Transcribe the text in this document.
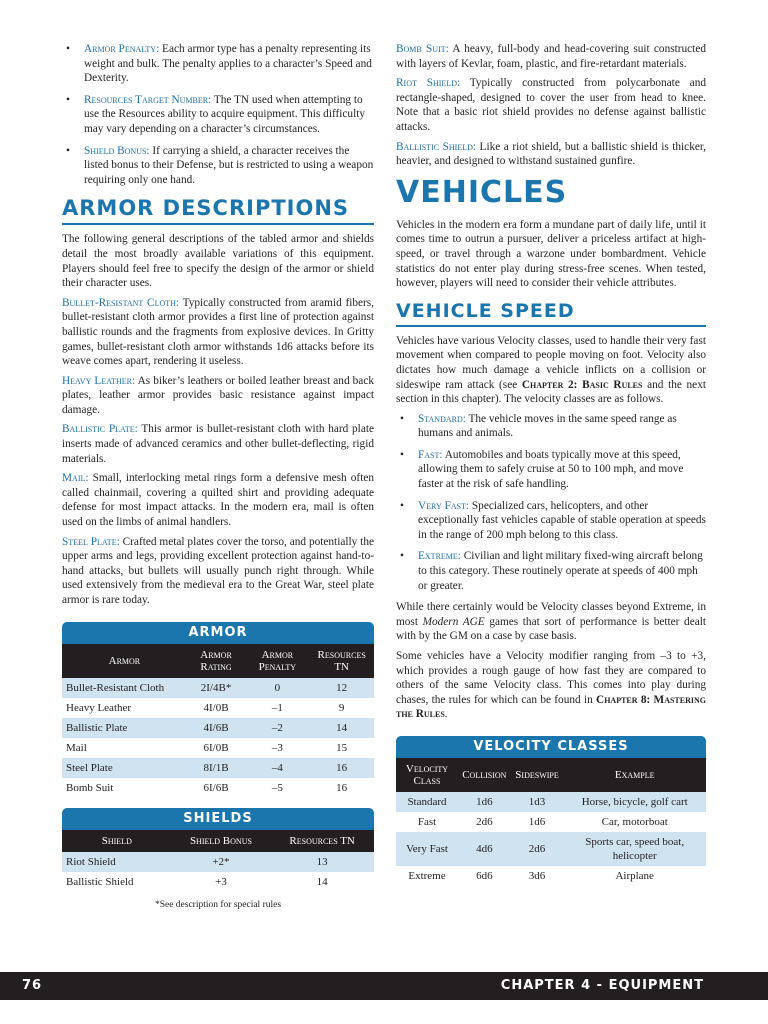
• Armor Penalty: Each armor type has a penalty representing its weight and bulk. The penalty applies to a character’s Speed and Dexterity.
• Resources Target Number: The TN used when attempting to use the Resources ability to acquire equipment. This difficulty may vary depending on a character’s circumstances.
• Shield Bonus: If carrying a shield, a character receives the listed bonus to their Defense, but is restricted to using a weapon requiring only one hand.
ARMOR DESCRIPTIONS

The following general descriptions of the tabled armor and shields detail the most broadly available variations of this equipment. Players should feel free to specify the design of the armor or shield their character uses.

Bullet-Resistant Cloth: Typically constructed from aramid fibers, bullet-resistant cloth armor provides a first line of protection against ballistic rounds and the fragments from explosive devices. In Gritty games, bullet-resistant cloth armor withstands 1d6 attacks before its weave comes apart, rendering it useless.

Heavy Leather: As biker’s leathers or boiled leather breast and back plates, leather armor provides basic resistance against impact damage.

Ballistic Plate: This armor is bullet-resistant cloth with hard plate inserts made of advanced ceramics and other bullet-deflecting, rigid materials.

Mail: Small, interlocking metal rings form a defensive mesh often called chainmail, covering a quilted shirt and providing adequate defense for most impact attacks. In the modern era, mail is often used on the limbs of animal handlers.

Steel Plate: Crafted metal plates cover the torso, and potentially the upper arms and legs, providing excellent protection against hand-to-hand attacks, but bullets will usually punch right through. While used extensively from the medieval era to the Great War, steel plate armor is rare today.

ARMOR
Armor	Armor Rating	Armor Penalty	Resources TN
Bullet-Resistant Cloth	2I/4B*	0	12
Heavy Leather	4I/0B	–1	9
Ballistic Plate	4I/6B	–2	14
Mail	6I/0B	–3	15
Steel Plate	8I/1B	–4	16
Bomb Suit	6I/6B	–5	16
SHIELDS
Shield	Shield Bonus	Resources TN
Riot Shield	+2*	13
Ballistic Shield	+3	14
*See description for special rules

Bomb Suit: A heavy, full-body and head-covering suit constructed with layers of Kevlar, foam, plastic, and fire-retardant materials.

Riot Shield: Typically constructed from polycarbonate and rectangle-shaped, designed to cover the user from head to knee. Note that a basic riot shield provides no defense against ballistic attacks.

Ballistic Shield: Like a riot shield, but a ballistic shield is thicker, heavier, and designed to withstand sustained gunfire.

VEHICLES

Vehicles in the modern era form a mundane part of daily life, until it comes time to outrun a pursuer, deliver a priceless artifact at high-speed, or travel through a warzone under bombardment. Vehicle statistics do not enter play during stress-free scenes. When tested, however, players will need to consider their vehicle attributes.

VEHICLE SPEED

Vehicles have various Velocity classes, used to handle their very fast movement when compared to people moving on foot. Velocity also dictates how much damage a vehicle inflicts on a collision or sideswipe ram attack (see Chapter 2: Basic Rules and the next section in this chapter). The velocity classes are as follows.

• Standard: The vehicle moves in the same speed range as humans and animals.
• Fast: Automobiles and boats typically move at this speed, allowing them to safely cruise at 50 to 100 mph, and move faster at the risk of safe handling.
• Very Fast: Specialized cars, helicopters, and other exceptionally fast vehicles capable of stable operation at speeds in the range of 200 mph belong to this class.
• Extreme: Civilian and light military fixed-wing aircraft belong to this category. These routinely operate at speeds of 400 mph or greater.

While there certainly would be Velocity classes beyond Extreme, in most Modern AGE games that sort of performance is better dealt with by the GM on a case by case basis.

Some vehicles have a Velocity modifier ranging from –3 to +3, which provides a rough gauge of how fast they are compared to others of the same Velocity class. This comes into play during chases, the rules for which can be found in Chapter 8: Mastering the Rules.

VELOCITY CLASSES
Velocity Class	Collision	Sideswipe	Example
Standard	1d6	1d3	Horse, bicycle, golf cart
Fast	2d6	1d6	Car, motorboat
Very Fast	4d6	2d6	Sports car, speed boat, helicopter
Extreme	6d6	3d6	Airplane
76	CHAPTER 4 - EQUIPMENT
